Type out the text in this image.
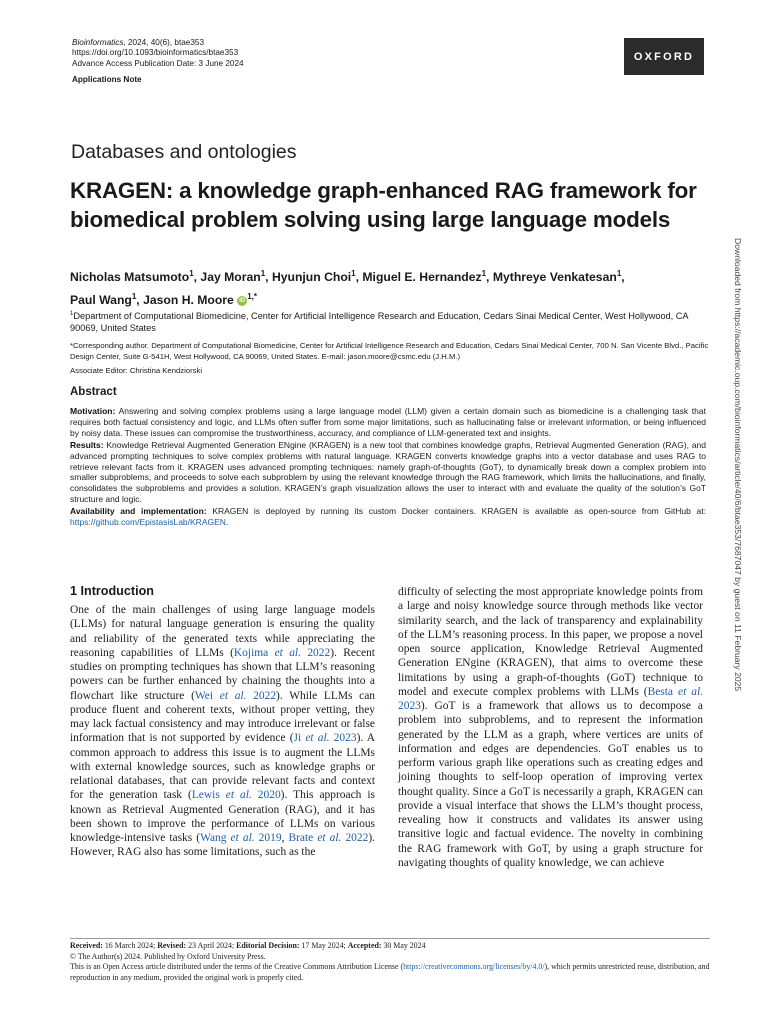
Bioinformatics, 2024, 40(6), btae353
https://doi.org/10.1093/bioinformatics/btae353
Advance Access Publication Date: 3 June 2024
Applications Note
OXFORD
Databases and ontologies
KRAGEN: a knowledge graph-enhanced RAG framework for biomedical problem solving using large language models
Nicholas Matsumoto$^1$, Jay Moran$^1$, Hyunjun Choi$^1$, Miguel E. Hernandez$^1$, Mythreye Venkatesan$^1$,
Paul Wang$^1$, Jason H. Moore iD $^{1,*}$
$^1$Department of Computational Biomedicine, Center for Artificial Intelligence Research and Education, Cedars Sinai Medical Center, West Hollywood, CA 90069, United States
*Corresponding author. Department of Computational Biomedicine, Center for Artificial Intelligence Research and Education, Cedars Sinai Medical Center, 700 N. San Vicente Blvd., Pacific Design Center, Suite G-541H, West Hollywood, CA 90069, United States. E-mail: jason.moore@csmc.edu (J.H.M.)
Associate Editor: Christina Kendziorski
Abstract

Motivation: Answering and solving complex problems using a large language model (LLM) given a certain domain such as biomedicine is a challenging task that requires both factual consistency and logic, and LLMs often suffer from some major limitations, such as hallucinating false or irrelevant information, or being influenced by noisy data. These issues can compromise the trustworthiness, accuracy, and compliance of LLM-generated text and insights.

Results: Knowledge Retrieval Augmented Generation ENgine (KRAGEN) is a new tool that combines knowledge graphs, Retrieval Augmented Generation (RAG), and advanced prompting techniques to solve complex problems with natural language. KRAGEN converts knowledge graphs into a vector database and uses RAG to retrieve relevant facts from it. KRAGEN uses advanced prompting techniques: namely graph-of-thoughts (GoT), to dynamically break down a complex problem into smaller subproblems, and proceeds to solve each subproblem by using the relevant knowledge through the RAG framework, which limits the hallucinations, and finally, consolidates the subproblems and provides a solution. KRAGEN’s graph visualization allows the user to interact with and evaluate the quality of the solution’s GoT structure and logic.

Availability and implementation: KRAGEN is deployed by running its custom Docker containers. KRAGEN is available as open-source from GitHub at: https://github.com/EpistasisLab/KRAGEN.

1 Introduction
One of the main challenges of using large language models (LLMs) for natural language generation is ensuring the quality and reliability of the generated texts while appreciating the reasoning capabilities of LLMs (Kojima et al. 2022). Recent studies on prompting techniques has shown that LLM’s reasoning powers can be further enhanced by chaining the thoughts into a flowchart like structure (Wei et al. 2022). While LLMs can produce fluent and coherent texts, without proper vetting, they may lack factual consistency and may introduce irrelevant or false information that is not supported by evidence (Ji et al. 2023). A common approach to address this issue is to augment the LLMs with external knowledge sources, such as knowledge graphs or relational databases, that can provide relevant facts and context for the generation task (Lewis et al. 2020). This approach is known as Retrieval Augmented Generation (RAG), and it has been shown to improve the performance of LLMs on various knowledge-intensive tasks (Wang et al. 2019, Brate et al. 2022). However, RAG also has some limitations, such as the
difficulty of selecting the most appropriate knowledge points from a large and noisy knowledge source through methods like vector similarity search, and the lack of transparency and explainability of the LLM’s reasoning process. In this paper, we propose a novel open source application, Knowledge Retrieval Augmented Generation ENgine (KRAGEN), that aims to overcome these limitations by using a graph-of-thoughts (GoT) technique to model and execute complex problems with LLMs (Besta et al. 2023). GoT is a framework that allows us to decompose a problem into subproblems, and to represent the information generated by the LLM as a graph, where vertices are units of information and edges are dependencies. GoT enables us to perform various graph like operations such as creating edges and joining thoughts to self-loop operation of improving vertex thought quality. Since a GoT is necessarily a graph, KRAGEN can provide a visual interface that shows the LLM’s thought process, revealing how it constructs and validates its answer using transitive logic and factual evidence. The novelty in combining the RAG framework with GoT, by using a graph structure for navigating thoughts of quality knowledge, we can achieve
Received: 16 March 2024; Revised: 23 April 2024; Editorial Decision: 17 May 2024; Accepted: 30 May 2024
© The Author(s) 2024. Published by Oxford University Press.
This is an Open Access article distributed under the terms of the Creative Commons Attribution License (https://creativecommons.org/licenses/by/4.0/), which permits unrestricted reuse, distribution, and reproduction in any medium, provided the original work is properly cited.
Downloaded from https://academic.oup.com/bioinformatics/article/40/6/btae353/7687047 by guest on 11 February 2025
